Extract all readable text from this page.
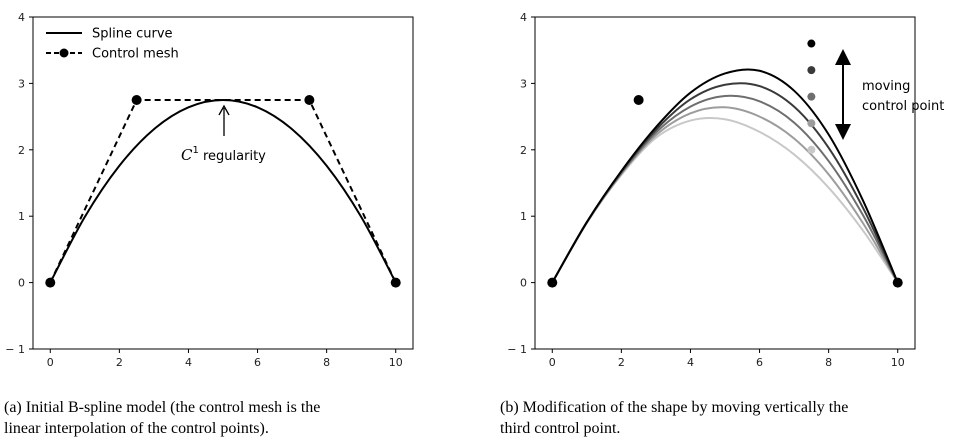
0	2	4	6	8	10
− 1
0
1
2
3
4
Spline curve
Control mesh
$C^1$ $_{regularity}$
0	2	4	6	8	10
− 1
0
1
2
3
4
moving
control point
(a) Initial B-spline model (the control mesh is the
linear interpolation of the control points).
(b) Modification of the shape by moving vertically the
third control point.
